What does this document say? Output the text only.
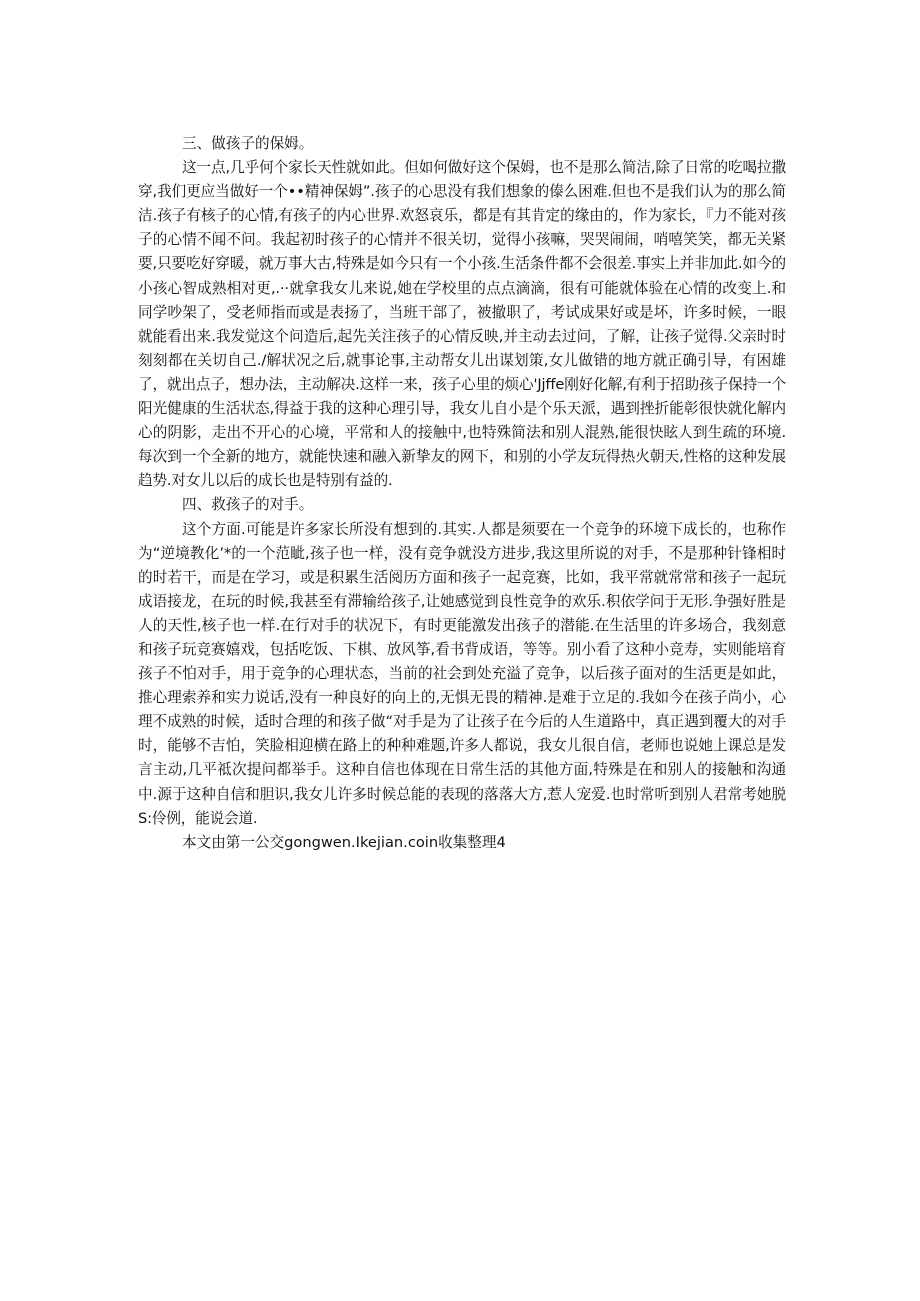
三、做孩子的保姆。

这一点,几乎何个家长天性就如此。但如何做好这个保姆，也不是那么简洁,除了日常的吃喝拉撒穿,我们更应当做好一个••精神保姆”.孩子的心思没有我们想象的傣么困难.但也不是我们认为的那么简洁.孩子有核子的心情,有孩子的内心世界.欢怒哀乐，都是有其肯定的缘由的，作为家长，『力不能对孩子的心情不闻不问。我起初时孩子的心情并不很关切，觉得小孩嘛，哭哭闹闹，哨嘻笑笑，都无关紧要,只要吃好穿暖，就万事大古,特殊是如今只有一个小孩.生活条件都不会很差.事实上并非加此.如今的小孩心智成熟相对更,.··就拿我女儿来说,她在学校里的点点滴滴，很有可能就体验在心情的改变上.和同学吵架了，受老师指而或是表扬了，当班干部了，被撤职了，考试成果好或是坏，许多时候，一眼就能看出来.我发觉这个问造后,起先关注孩子的心情反映,并主动去过问，了解，让孩子觉得.父亲时时刻刻都在关切自己./解状况之后,就事论事,主动帮女儿出谋划策,女儿做错的地方就正确引导，有困雄了，就出点子，想办法，主动解决.这样一来，孩子心里的烦心'Jjffe刚好化解,有利于招助孩子保持一个阳光健康的生活状态,得益于我的这种心理引导，我女儿自小是个乐天派，遇到挫折能彰很快就化解内心的阴影，走出不开心的心境，平常和人的接触中,也特殊简法和别人混熟,能很快眩人到生疏的环境.每次到一个全新的地方，就能快速和融入新挚友的网下，和别的小学友玩得热火朝天,性格的这种发展趋势.对女儿以后的成长也是特别有益的.

四、救孩子的对手。

这个方面.可能是许多家长所没有想到的.其实.人都是须要在一个竞争的环境下成长的，也称作为“逆境教化’*的一个范眦,孩子也一样，没有竞争就没方进步,我这里所说的对手，不是那种针锋相时的时若干，而是在学习，或是积累生活阅历方面和孩子一起竞赛，比如，我平常就常常和孩子一起玩成语接龙，在玩的时候,我甚至有滞输给孩子,让她感觉到良性竞争的欢乐.积依学问于无形.争强好胜是人的天性,核子也一样.在行对手的状况下，有时更能激发出孩子的潜能.在生活里的许多场合，我刻意和孩子玩竞赛嬉戏，包括吃饭、下棋、放风筝,看书背成语，等等。别小看了这种小竞寿，实则能培育孩子不怕对手，用于竞争的心理状态，当前的社会到处充溢了竞争，以后孩子面对的生活更是如此，推心理索养和实力说话,没有一种良好的向上的,无惧无畏的精神.是难于立足的.我如今在孩子尚小，心理不成熟的时候，适时合理的和孩子做“对手是为了让孩子在今后的人生道路中，真正遇到覆大的对手时，能够不吉怕，笑脸相迎横在路上的种种难题,许多人都说，我女儿很自信，老师也说她上课总是发言主动,几平祗次提问都举手。这种自信也体现在日常生活的其他方面,特殊是在和别人的接触和沟通中.源于这种自信和胆识,我女儿许多时候总能的表现的落落大方,惹人宠爱.也时常听到别人君常考她脱S:伶例，能说会道.

本文由第一公交gongwen.Ikejian.coin收集整理4
